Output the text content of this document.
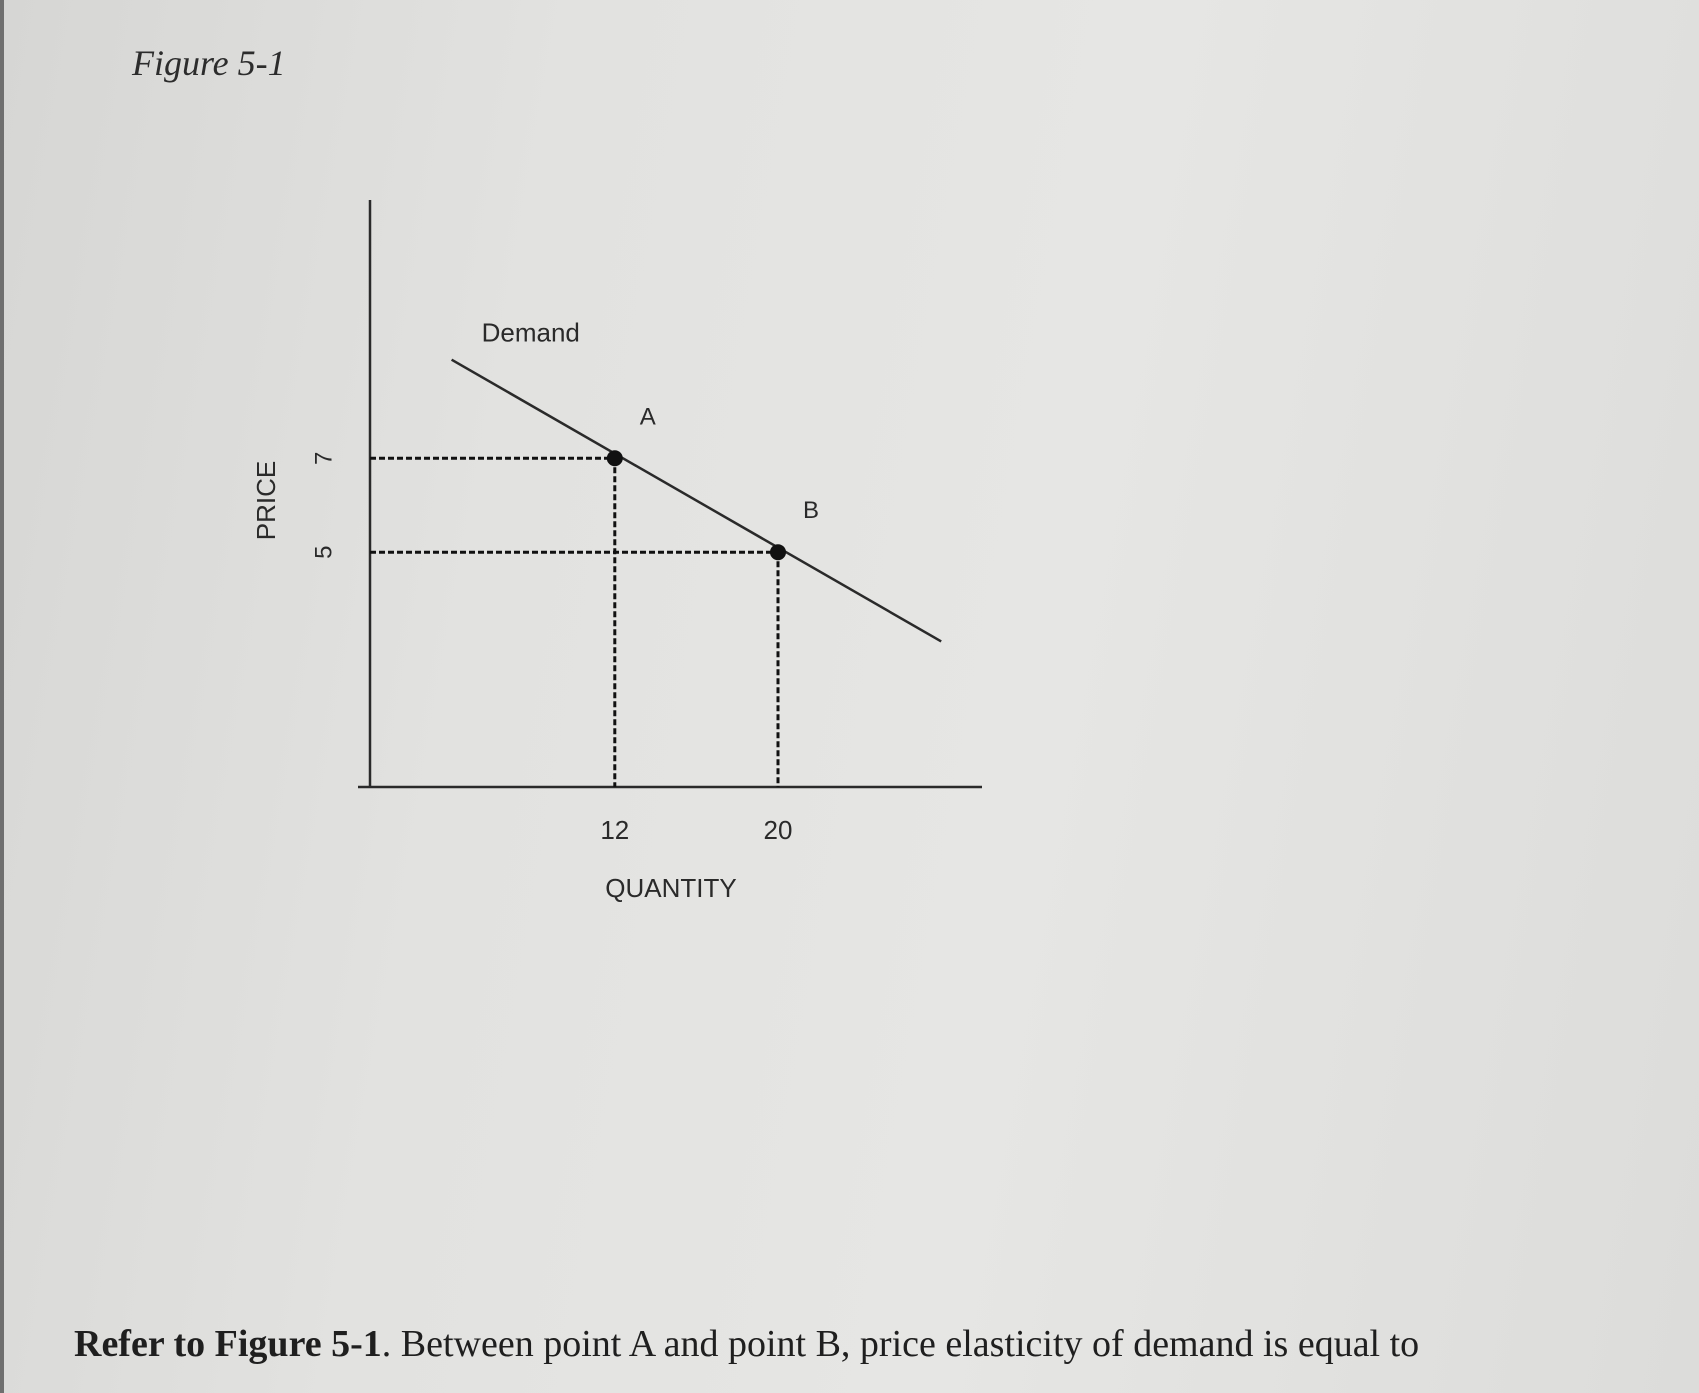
Figure 5-1
QUANTITY
PRICE
5
7
12	20
Demand
A
B
Refer to Figure 5-1. Between point A and point B, price elasticity of demand is equal to
